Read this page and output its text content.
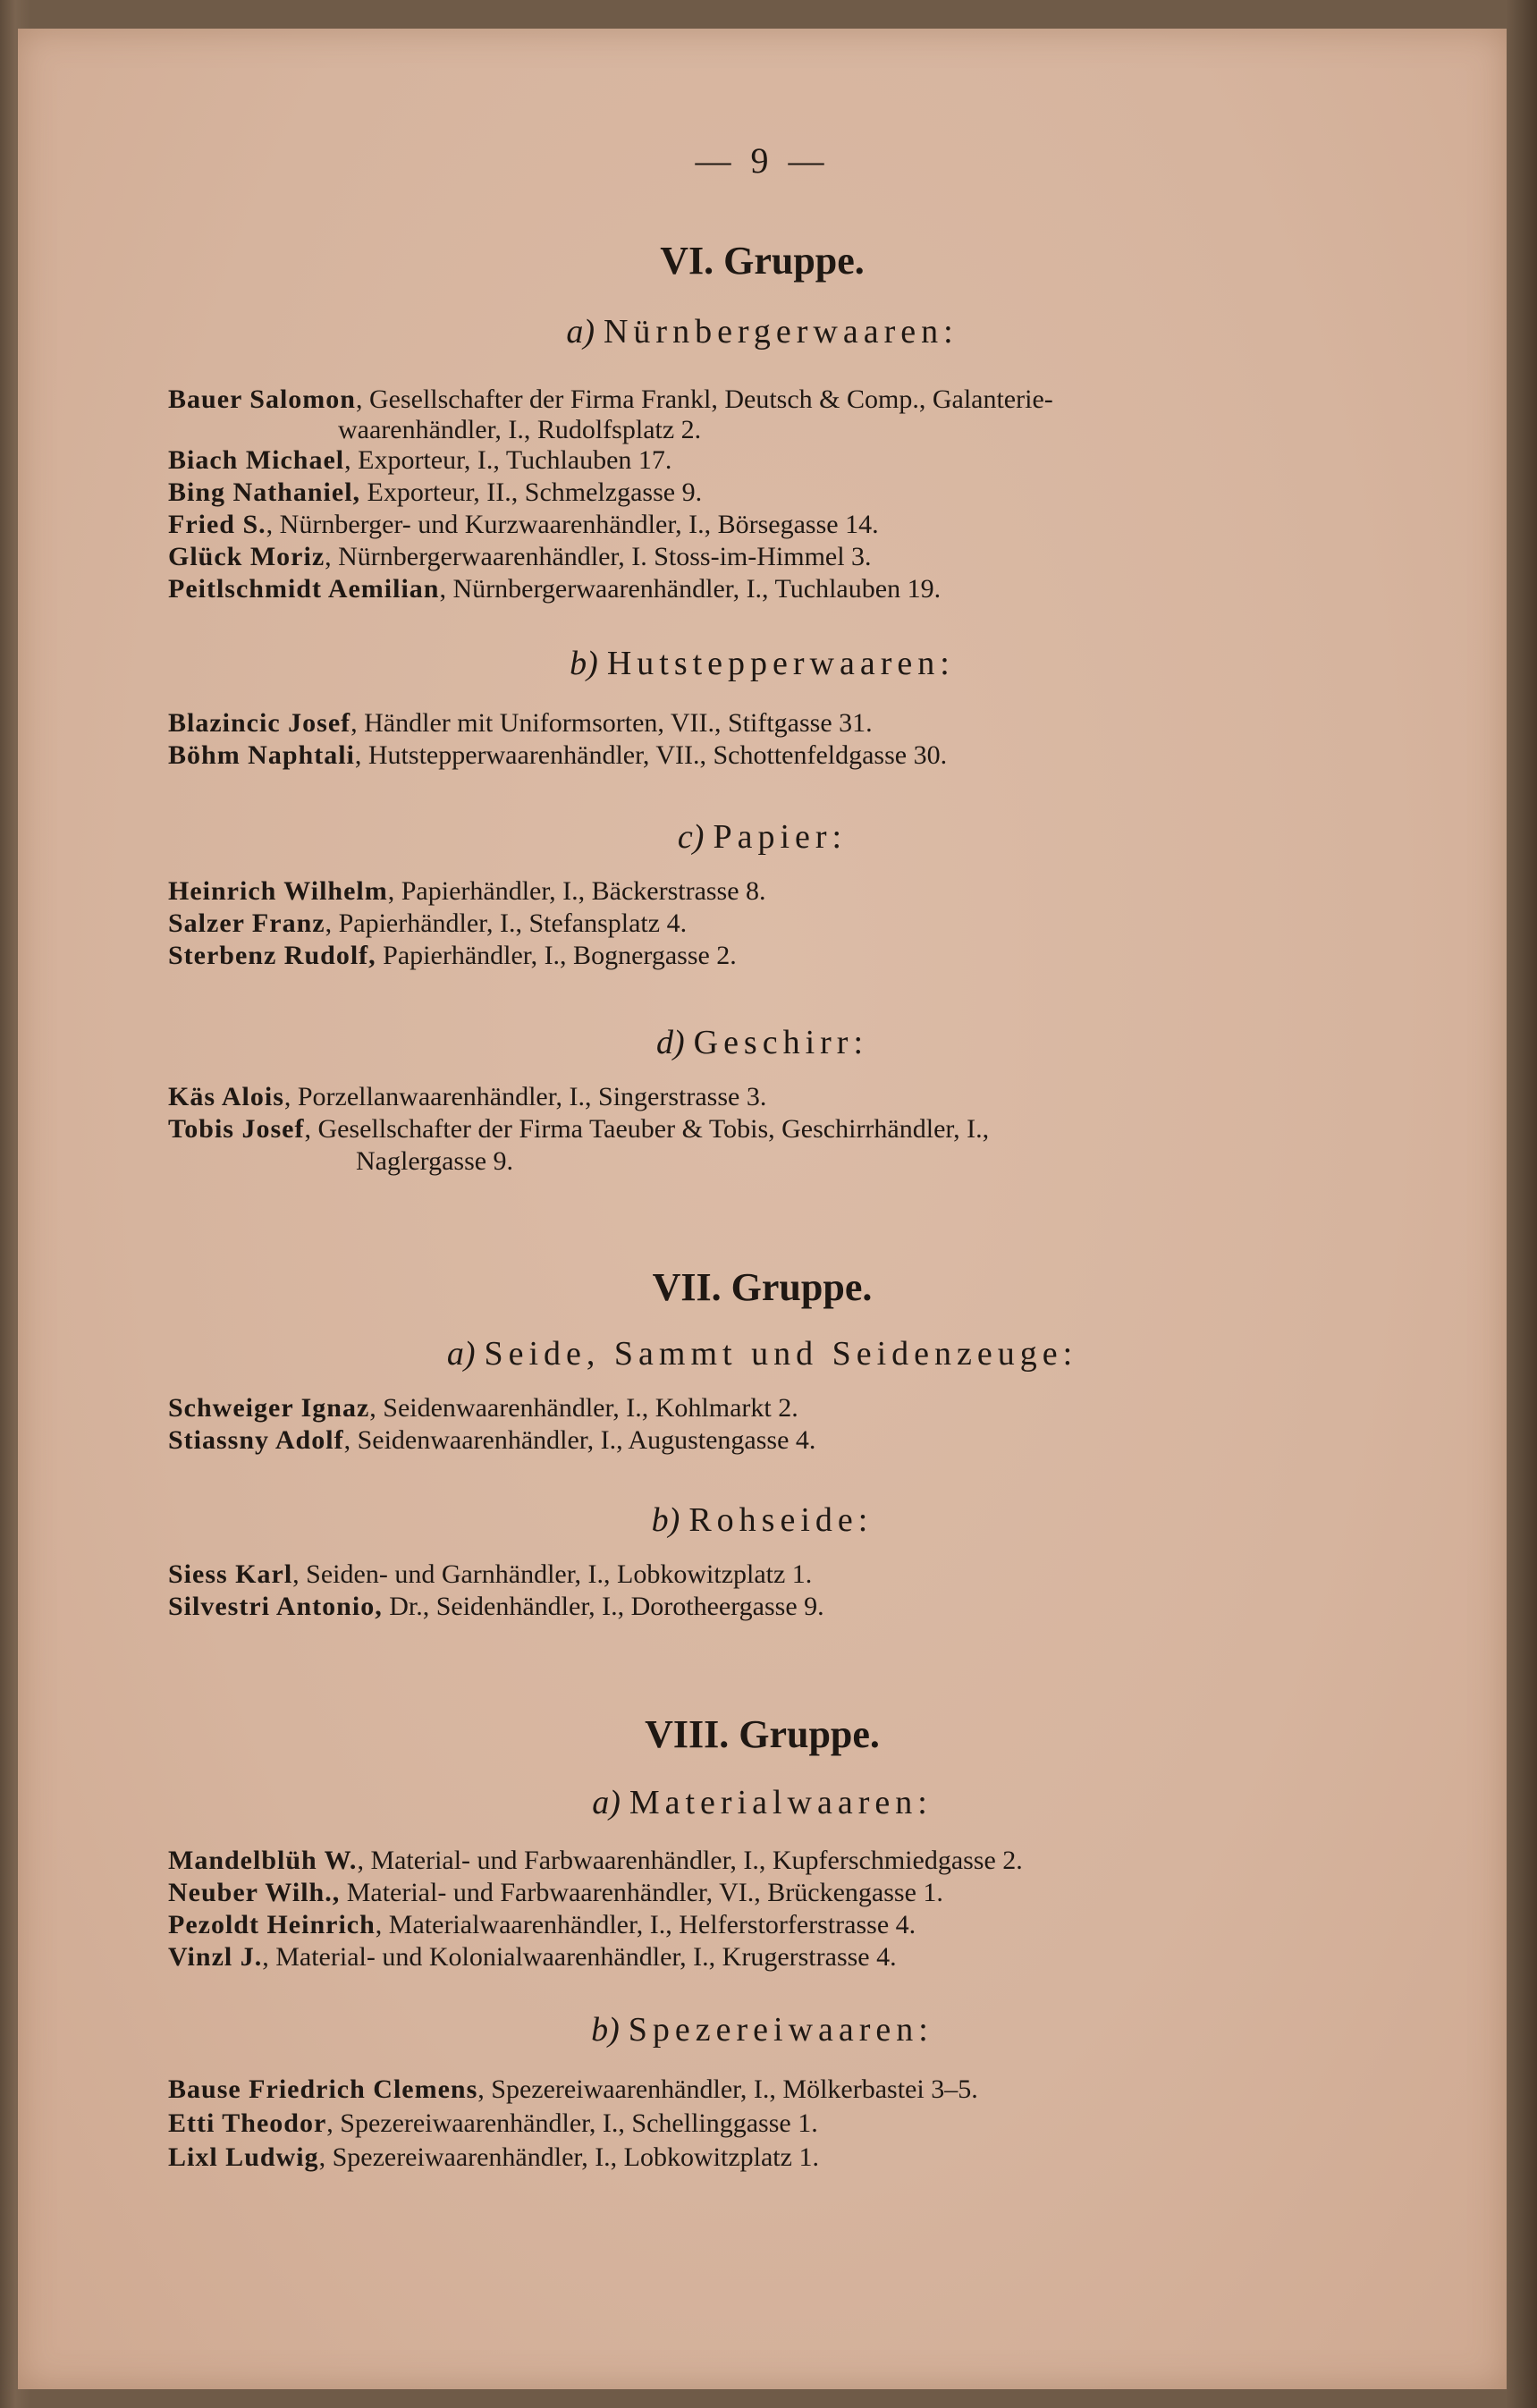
— 9 —
VI. Gruppe.
a) Nürnbergerwaaren:
Bauer Salomon, Gesellschafter der Firma Frankl, Deutsch & Comp., Galanterie-
waarenhändler, I., Rudolfsplatz 2.
Biach Michael, Exporteur, I., Tuchlauben 17.
Bing Nathaniel, Exporteur, II., Schmelzgasse 9.
Fried S., Nürnberger- und Kurzwaarenhändler, I., Börsegasse 14.
Glück Moriz, Nürnbergerwaarenhändler, I. Stoss-im-Himmel 3.
Peitlschmidt Aemilian, Nürnbergerwaarenhändler, I., Tuchlauben 19.
b) Hutstepperwaaren:
Blazincic Josef, Händler mit Uniformsorten, VII., Stiftgasse 31.
Böhm Naphtali, Hutstepperwaarenhändler, VII., Schottenfeldgasse 30.
c) Papier:
Heinrich Wilhelm, Papierhändler, I., Bäckerstrasse 8.
Salzer Franz, Papierhändler, I., Stefansplatz 4.
Sterbenz Rudolf, Papierhändler, I., Bognergasse 2.
d) Geschirr:
Käs Alois, Porzellanwaarenhändler, I., Singerstrasse 3.
Tobis Josef, Gesellschafter der Firma Taeuber & Tobis, Geschirrhändler, I.,
Naglergasse 9.
VII. Gruppe.
a) Seide, Sammt und Seidenzeuge:
Schweiger Ignaz, Seidenwaarenhändler, I., Kohlmarkt 2.
Stiassny Adolf, Seidenwaarenhändler, I., Augustengasse 4.
b) Rohseide:
Siess Karl, Seiden- und Garnhändler, I., Lobkowitzplatz 1.
Silvestri Antonio, Dr., Seidenhändler, I., Dorotheergasse 9.
VIII. Gruppe.
a) Materialwaaren:
Mandelblüh W., Material- und Farbwaarenhändler, I., Kupferschmiedgasse 2.
Neuber Wilh., Material- und Farbwaarenhändler, VI., Brückengasse 1.
Pezoldt Heinrich, Materialwaarenhändler, I., Helferstorferstrasse 4.
Vinzl J., Material- und Kolonialwaarenhändler, I., Krugerstrasse 4.
b) Spezereiwaaren:
Bause Friedrich Clemens, Spezereiwaarenhändler, I., Mölkerbastei 3–5.
Etti Theodor, Spezereiwaarenhändler, I., Schellinggasse 1.
Lixl Ludwig, Spezereiwaarenhändler, I., Lobkowitzplatz 1.
